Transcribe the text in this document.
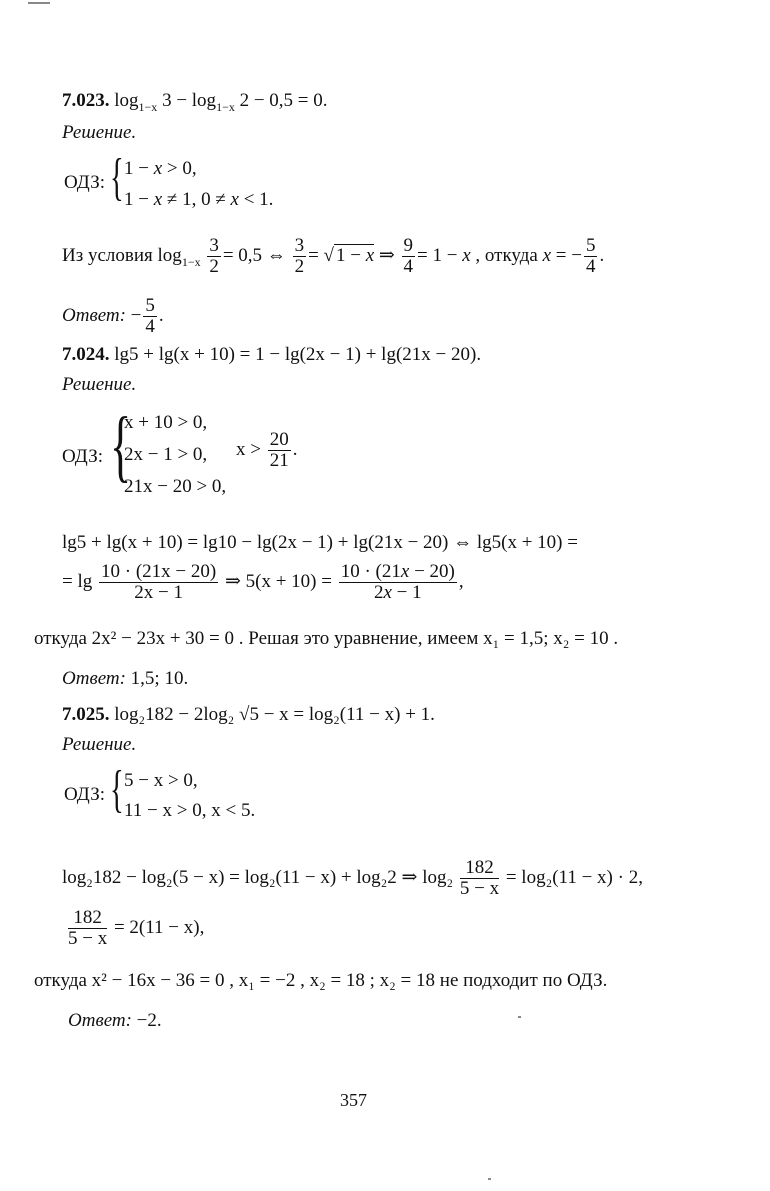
7.023. $\log_{1-x} 3 - \log_{1-x} 2 - 0,5 = 0$.
Решение.
ОДЗ: { 1 − x > 0,
1 − x ≠ 1, 0 ≠ x < 1.
Из условия $\log_{1-x} \frac{3}{2} = 0,5$ ⇔ $\frac{3}{2}$ = √ 1 − x ⇒ $\frac{9}{4} = 1 - x$ , откуда x = − $\frac{5}{4}$ .
Ответ: − $\frac{5}{4}$ .
7.024. lg5 + lg(x + 10) = 1 − lg(2x − 1) + lg(21x − 20).
Решение.
ОДЗ: {
x + 10 > 0,
2x − 1 > 0,
21x − 20 > 0,
$x > \frac{20}{21}$ .
lg5 + lg(x + 10) = lg10 − lg(2x − 1) + lg(21x − 20) ⇔ lg5(x + 10) =
= $\lg \frac{10 \cdot (21x - 20)}{2x - 1}$ ⇒ $5(x + 10) = \frac{10 \cdot (21x - 20)}{2x - 1}$ ,
откуда 2x² − 23x + 30 = 0 . Решая это уравнение, имеем x₁ = 1,5; x₂ = 10 .
Ответ: 1,5; 10.
7.025. log₂182 − 2log₂ √5 − x = log₂(11 − x) + 1.
Решение.
ОДЗ: { 5 − x > 0,
11 − x > 0, x < 5.
log₂182 − log₂(5 − x) = log₂(11 − x) + log₂2 ⇒ $\log_2 \frac{182}{5 - x} = \log_2(11 - x) \cdot 2$,
$\frac{182}{5 - x} = 2(11 - x)$,
откуда x² − 16x − 36 = 0 , x₁ = −2 , x₂ = 18 ; x₂ = 18 не подходит по ОДЗ.
Ответ: −2.
357
